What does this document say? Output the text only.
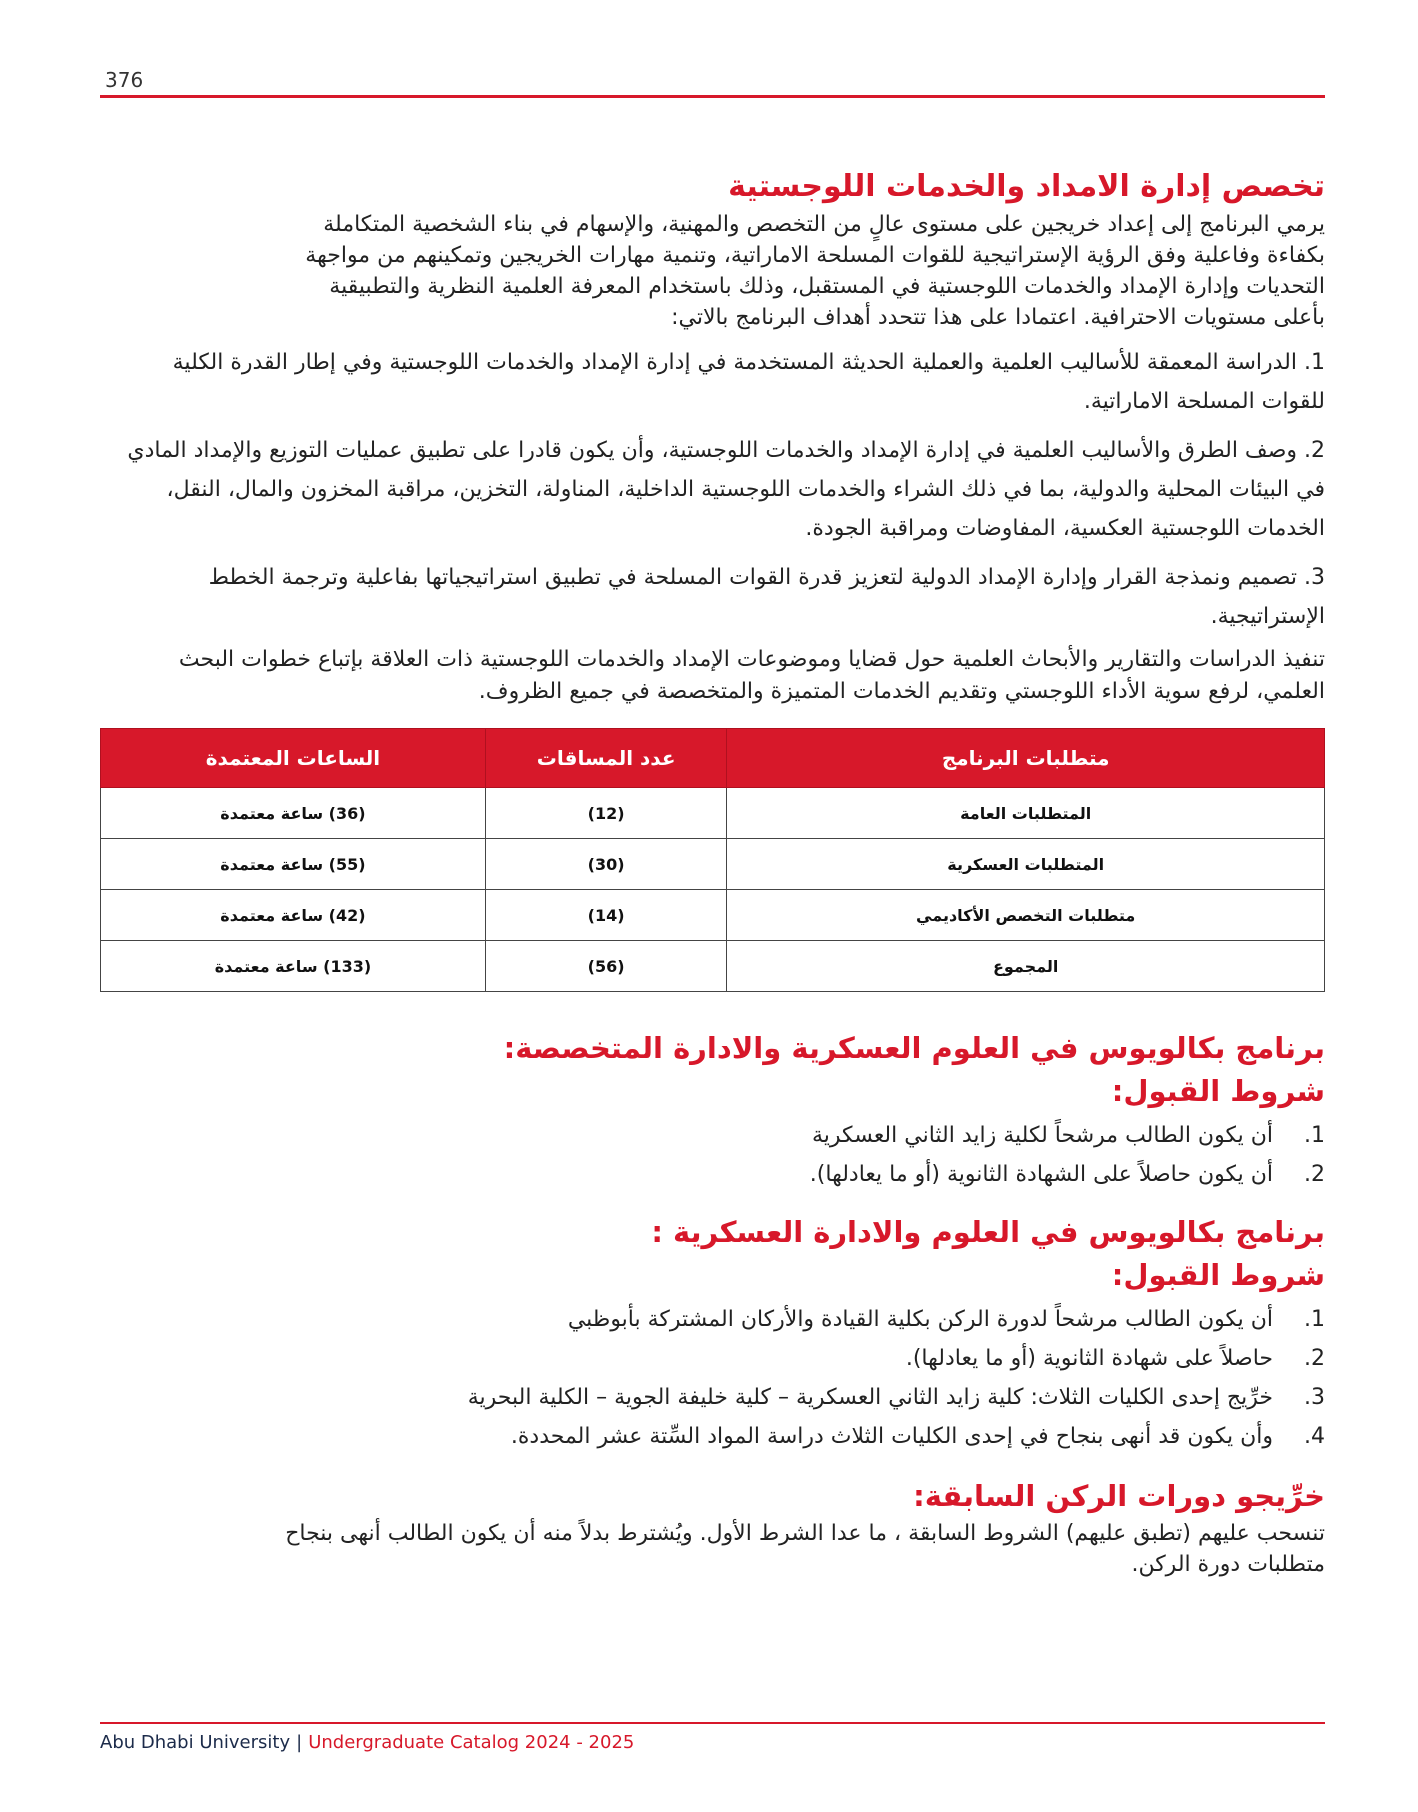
376
تخصص إدارة الامداد والخدمات اللوجستية

يرمي البرنامج إلى إعداد خريجين على مستوى عالٍ من التخصص والمهنية، والإسهام في بناء الشخصية المتكاملة

بكفاءة وفاعلية وفق الرؤية الإستراتيجية للقوات المسلحة الاماراتية، وتنمية مهارات الخريجين وتمكينهم من مواجهة

التحديات وإدارة الإمداد والخدمات اللوجستية في المستقبل، وذلك باستخدام المعرفة العلمية النظرية والتطبيقية

بأعلى مستويات الاحترافية. اعتمادا على هذا تتحدد أهداف البرنامج بالاتي:

1. الدراسة المعمقة للأساليب العلمية والعملية الحديثة المستخدمة في إدارة الإمداد والخدمات اللوجستية وفي إطار القدرة الكلية للقوات المسلحة الاماراتية.

2. وصف الطرق والأساليب العلمية في إدارة الإمداد والخدمات اللوجستية، وأن يكون قادرا على تطبيق عمليات التوزيع والإمداد المادي في البيئات المحلية والدولية، بما في ذلك الشراء والخدمات اللوجستية الداخلية، المناولة، التخزين، مراقبة المخزون والمال، النقل، الخدمات اللوجستية العكسية، المفاوضات ومراقبة الجودة.

3. تصميم ونمذجة القرار وإدارة الإمداد الدولية لتعزيز قدرة القوات المسلحة في تطبيق استراتيجياتها بفاعلية وترجمة الخطط الإستراتيجية.

تنفيذ الدراسات والتقارير والأبحاث العلمية حول قضايا وموضوعات الإمداد والخدمات اللوجستية ذات العلاقة بإتباع خطوات البحث العلمي، لرفع سوية الأداء اللوجستي وتقديم الخدمات المتميزة والمتخصصة في جميع الظروف.

متطلبات البرنامج	عدد المساقات	الساعات المعتمدة
المتطلبات العامة	(12)	(36) ساعة معتمدة
المتطلبات العسكرية	(30)	(55) ساعة معتمدة
متطلبات التخصص الأكاديمي	(14)	(42) ساعة معتمدة
المجموع	(56)	(133) ساعة معتمدة
برنامج بكالويوس في العلوم العسكرية والادارة المتخصصة:
شروط القبول:
1.
أن يكون الطالب مرشحاً لكلية زايد الثاني العسكرية
2.
أن يكون حاصلاً على الشهادة الثانوية (أو ما يعادلها).
برنامج بكالويوس في العلوم والادارة العسكرية :
شروط القبول:
1.
أن يكون الطالب مرشحاً لدورة الركن بكلية القيادة والأركان المشتركة بأبوظبي
2.
حاصلاً على شهادة الثانوية (أو ما يعادلها).
3.
خرِّيج إحدى الكليات الثلاث: كلية زايد الثاني العسكرية – كلية خليفة الجوية – الكلية البحرية
4.
وأن يكون قد أنهى بنجاح في إحدى الكليات الثلاث دراسة المواد السِّتة عشر المحددة.
خرِّيجو دورات الركن السابقة:

تنسحب عليهم (تطبق عليهم) الشروط السابقة ، ما عدا الشرط الأول. ويُشترط بدلاً منه أن يكون الطالب أنهى بنجاح

متطلبات دورة الركن.

Abu Dhabi University | Undergraduate Catalog 2024 - 2025
